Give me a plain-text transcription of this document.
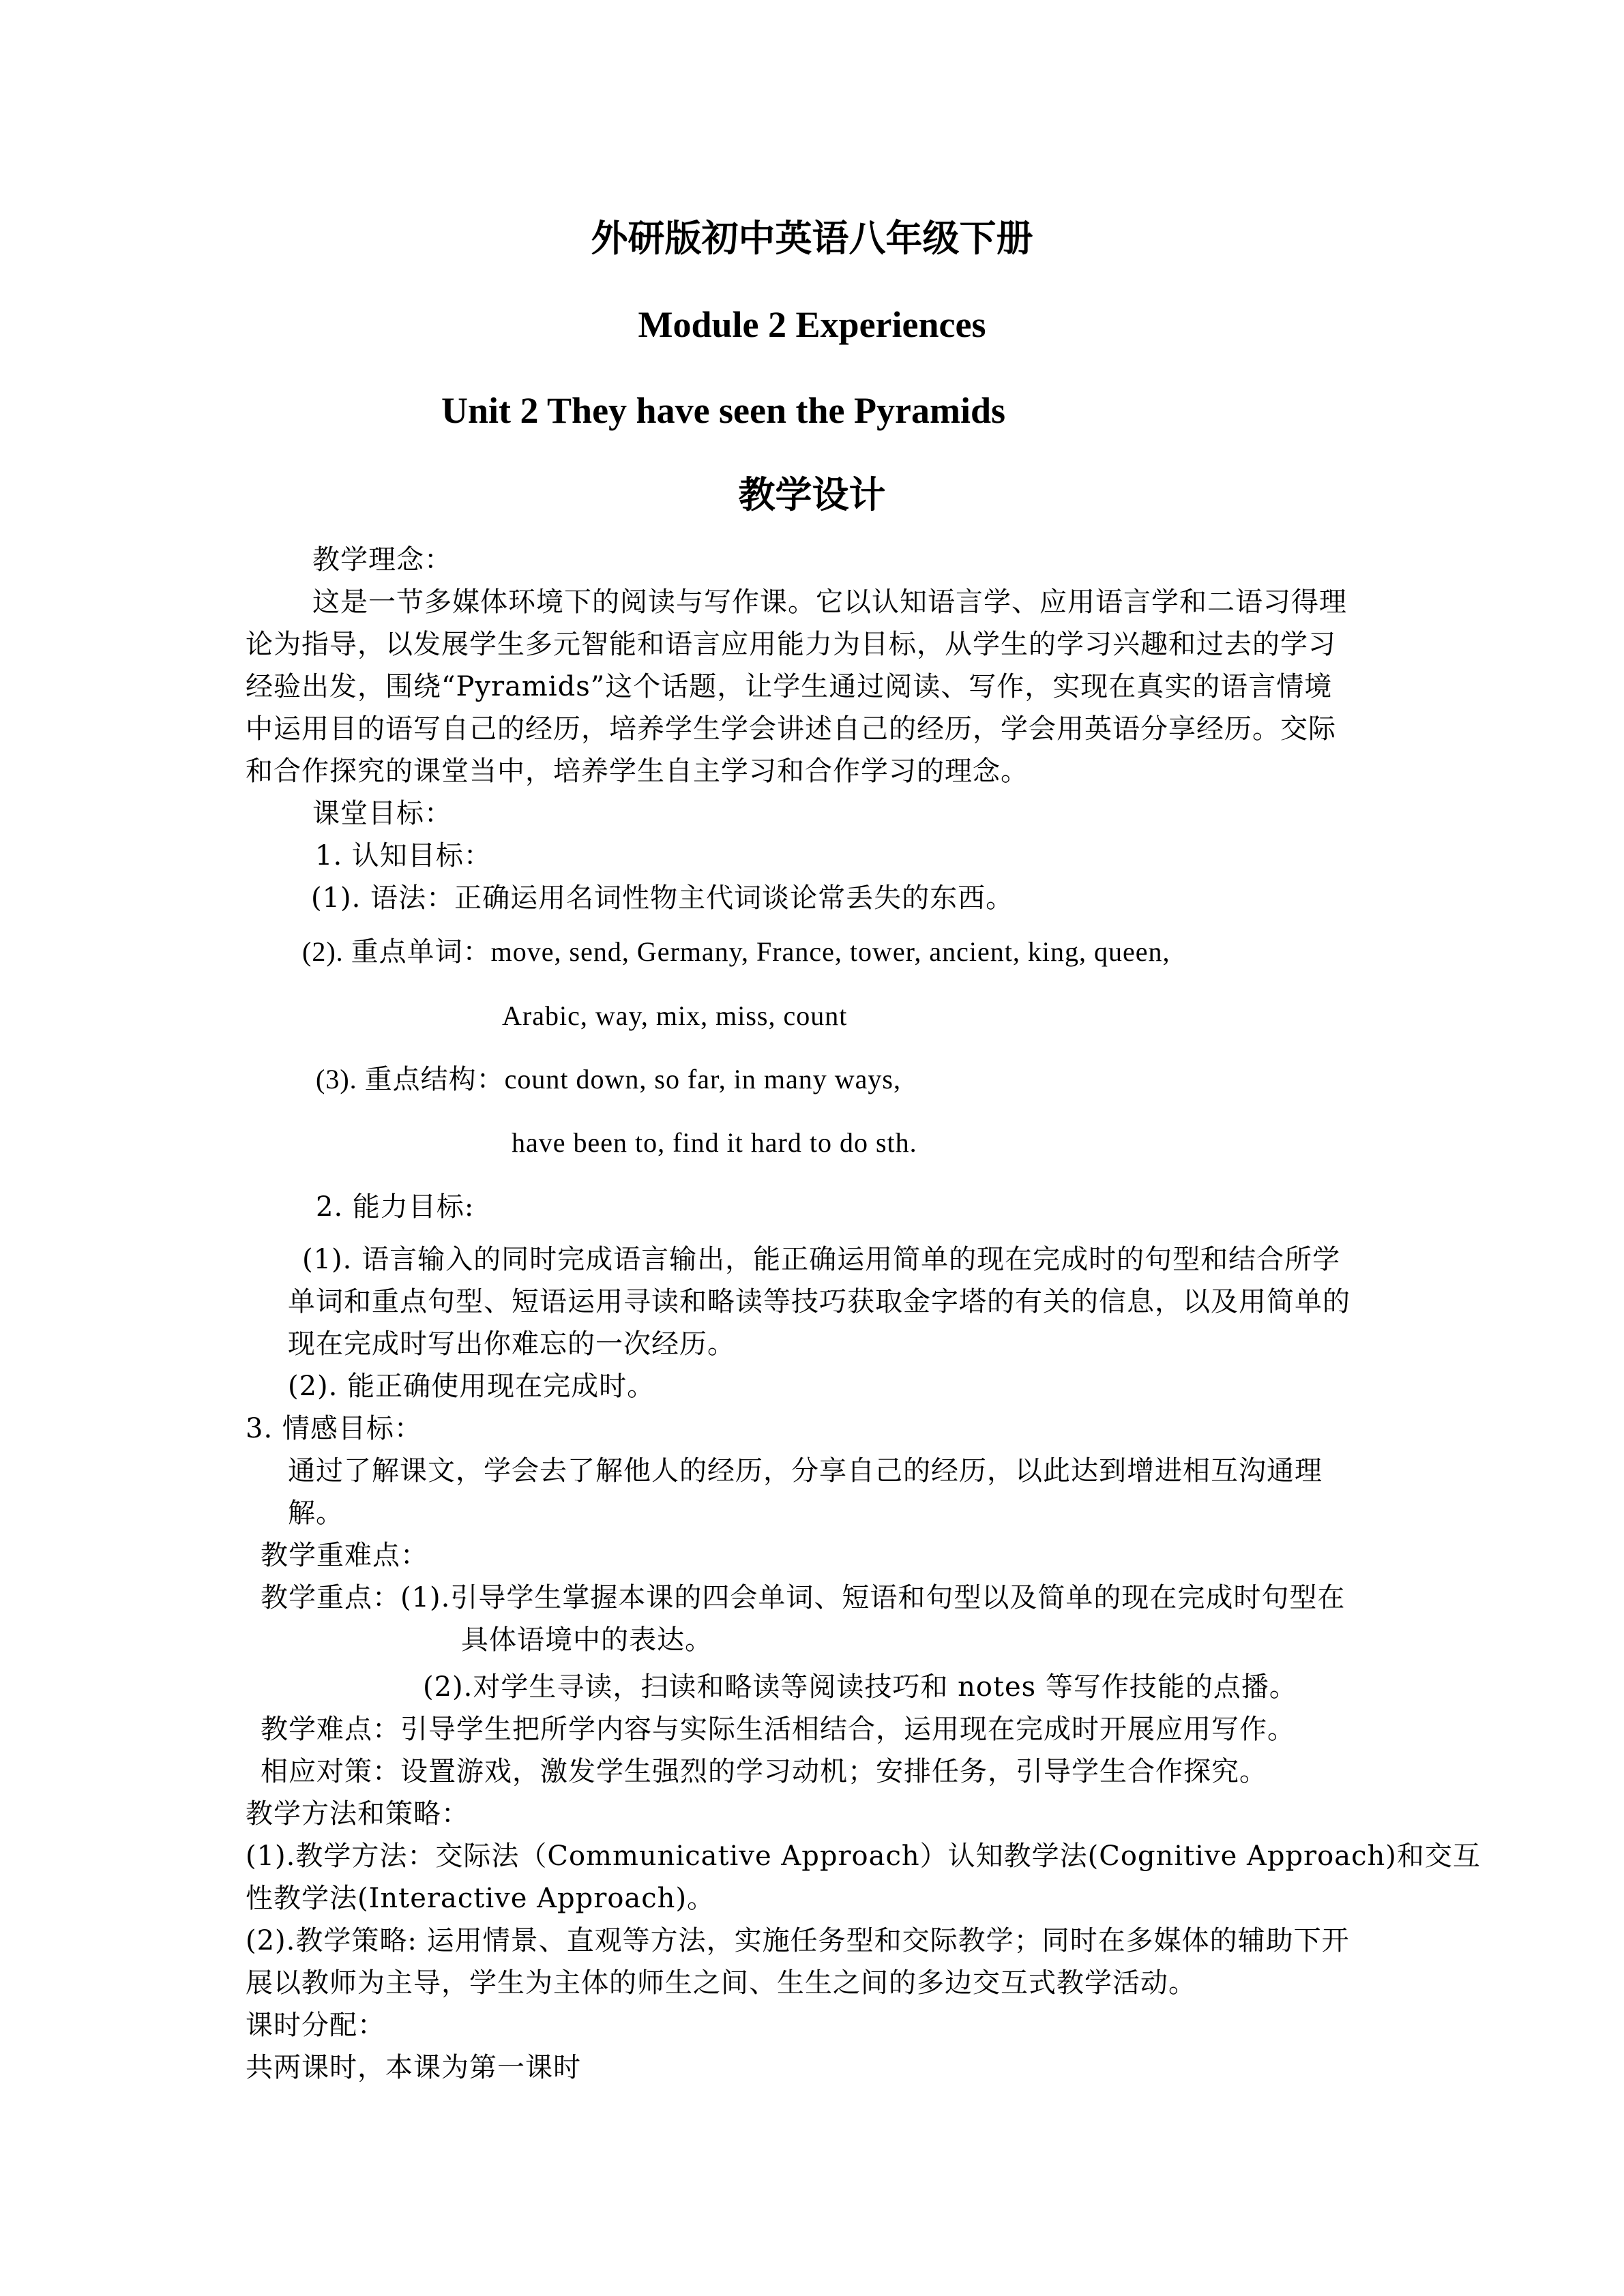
外研版初中英语八年级下册
Module 2 Experiences
Unit 2 They have seen the Pyramids
教学设计
教学理念：
这是一节多媒体环境下的阅读与写作课。它以认知语言学、应用语言学和二语习得理
论为指导，以发展学生多元智能和语言应用能力为目标，从学生的学习兴趣和过去的学习
经验出发，围绕“Pyramids”这个话题，让学生通过阅读、写作，实现在真实的语言情境
中运用目的语写自己的经历，培养学生学会讲述自己的经历，学会用英语分享经历。交际
和合作探究的课堂当中，培养学生自主学习和合作学习的理念。
课堂目标：
1. 认知目标：
(1). 语法：正确运用名词性物主代词谈论常丢失的东西。
(2). 重点单词：move, send, Germany, France, tower, ancient, king, queen,
Arabic, way, mix, miss, count
(3). 重点结构：count down, so far, in many ways,
have been to, find it hard to do sth.
2. 能力目标:
(1). 语言输入的同时完成语言输出，能正确运用简单的现在完成时的句型和结合所学
单词和重点句型、短语运用寻读和略读等技巧获取金字塔的有关的信息，以及用简单的
现在完成时写出你难忘的一次经历。
(2). 能正确使用现在完成时。
3. 情感目标：
通过了解课文，学会去了解他人的经历，分享自己的经历，以此达到增进相互沟通理
解。
教学重难点：
教学重点：(1).引导学生掌握本课的四会单词、短语和句型以及简单的现在完成时句型在
具体语境中的表达。
(2).对学生寻读，扫读和略读等阅读技巧和 notes 等写作技能的点播。
教学难点：引导学生把所学内容与实际生活相结合，运用现在完成时开展应用写作。
相应对策：设置游戏，激发学生强烈的学习动机；安排任务，引导学生合作探究。
教学方法和策略：
(1).教学方法：交际法（Communicative Approach）认知教学法(Cognitive Approach)和交互
性教学法(Interactive Approach)。
(2).教学策略: 运用情景、直观等方法，实施任务型和交际教学；同时在多媒体的辅助下开
展以教师为主导，学生为主体的师生之间、生生之间的多边交互式教学活动。
课时分配：
共两课时，本课为第一课时
